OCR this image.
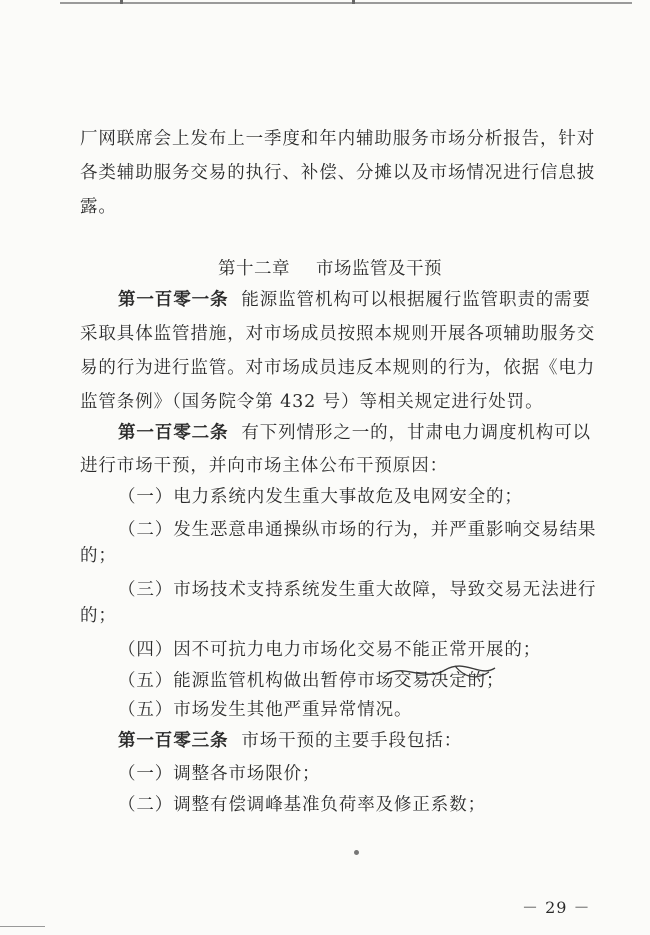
厂网联席会上发布上一季度和年内辅助服务市场分析报告，针对
各类辅助服务交易的执行、补偿、分摊以及市场情况进行信息披
露。
第十二章 市场监管及干预
第一百零一条 能源监管机构可以根据履行监管职责的需要
采取具体监管措施，对市场成员按照本规则开展各项辅助服务交
易的行为进行监管。对市场成员违反本规则的行为，依据《电力
监管条例》（国务院令第 432 号）等相关规定进行处罚。
第一百零二条 有下列情形之一的，甘肃电力调度机构可以
进行市场干预，并向市场主体公布干预原因：
（一）电力系统内发生重大事故危及电网安全的；
（二）发生恶意串通操纵市场的行为，并严重影响交易结果
的；
（三）市场技术支持系统发生重大故障，导致交易无法进行
的；
（四）因不可抗力电力市场化交易不能正常开展的；
（五）能源监管机构做出暂停市场交易决定的；
（五）市场发生其他严重异常情况。
第一百零三条 市场干预的主要手段包括：
（一）调整各市场限价；
（二）调整有偿调峰基准负荷率及修正系数；
－ 29 －
